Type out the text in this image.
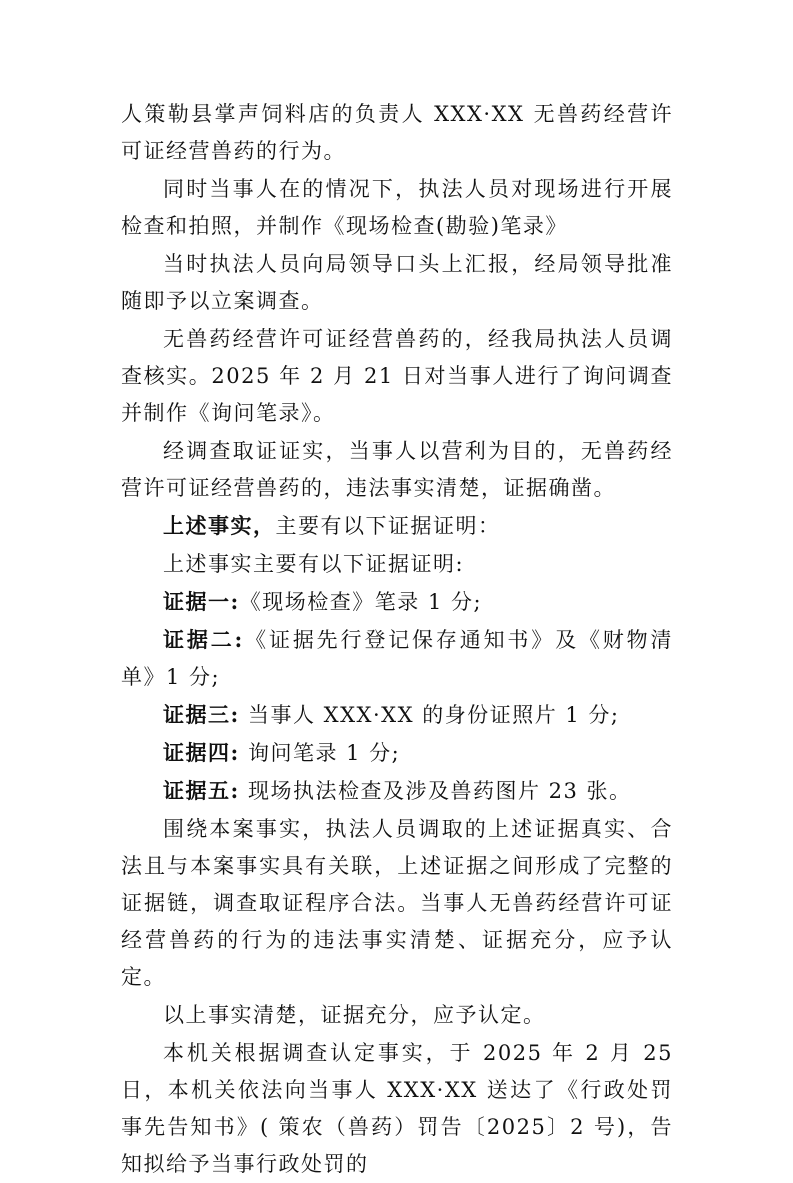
人策勒县掌声饲料店的负责人 XXX·XX 无兽药经营许可证经营兽药的行为。

同时当事人在的情况下，执法人员对现场进行开展检查和拍照，并制作《现场检查(勘验)笔录》

当时执法人员向局领导口头上汇报，经局领导批准随即予以立案调查。

无兽药经营许可证经营兽药的，经我局执法人员调查核实。2025 年 2 月 21 日对当事人进行了询问调查并制作《询问笔录》。

经调查取证证实，当事人以营利为目的，无兽药经营许可证经营兽药的，违法事实清楚，证据确凿。

上述事实，主要有以下证据证明：

上述事实主要有以下证据证明:

证据一:《现场检查》笔录 1 分;

证据二:《证据先行登记保存通知书》及《财物清单》1 分;

证据三: 当事人 XXX·XX 的身份证照片 1 分;

证据四: 询问笔录 1 分;

证据五: 现场执法检查及涉及兽药图片 23 张。

围绕本案事实，执法人员调取的上述证据真实、合法且与本案事实具有关联，上述证据之间形成了完整的证据链，调查取证程序合法。当事人无兽药经营许可证经营兽药的行为的违法事实清楚、证据充分，应予认定。

以上事实清楚，证据充分，应予认定。

本机关根据调查认定事实，于 2025 年 2 月 25 日，本机关依法向当事人 XXX·XX 送达了《行政处罚事先告知书》( 策农（兽药）罚告〔2025〕2 号)，告知拟给予当事行政处罚的
